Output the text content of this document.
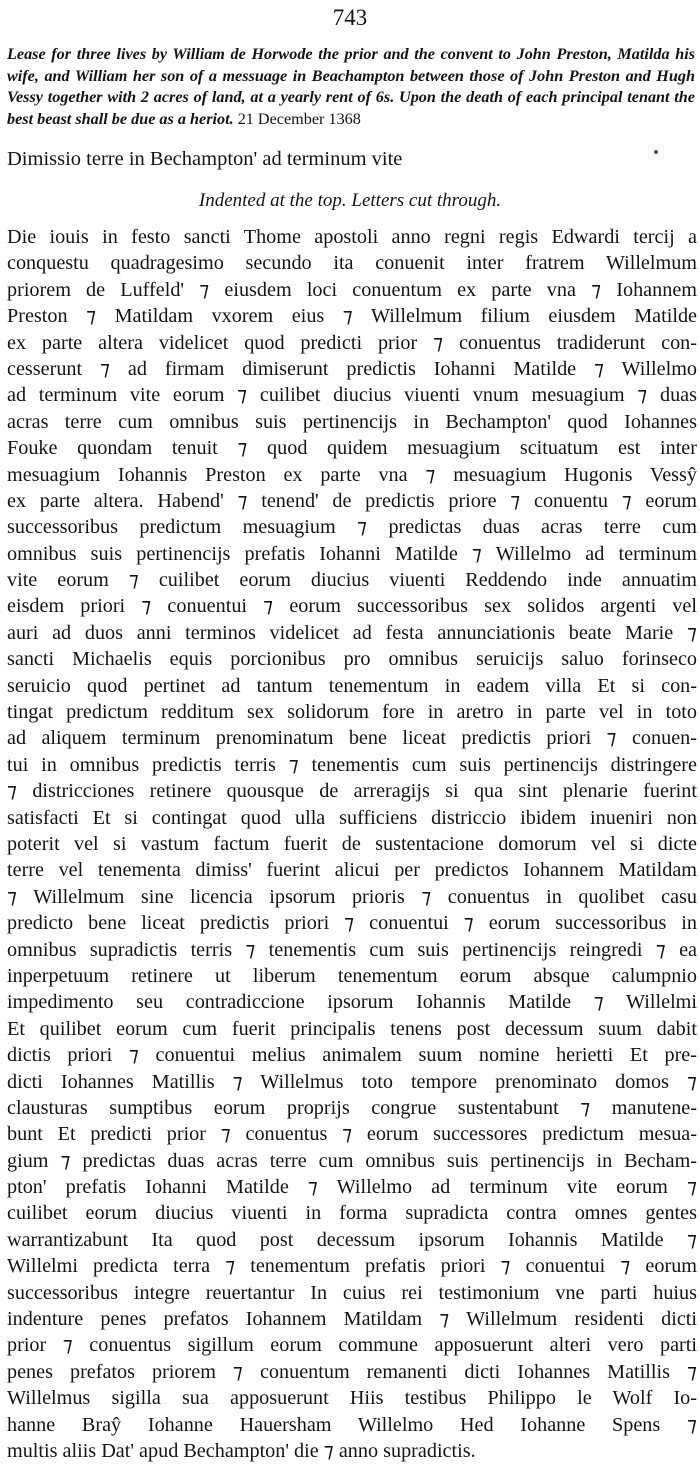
743
Lease for three lives by William de Horwode the prior and the convent to John Preston, Matilda his wife, and William her son of a messuage in Beachampton between those of John Preston and Hugh Vessy together with 2 acres of land, at a yearly rent of 6s. Upon the death of each principal tenant the best beast shall be due as a heriot. 21 December 1368
Dimissio terre in Bechampton' ad terminum vite
Indented at the top. Letters cut through.
Die iouis in festo sancti Thome apostoli anno regni regis Edwardi tercij a
conquestu quadragesimo secundo ita conuenit inter fratrem Willelmum
priorem de Luffeld' ⁊ eiusdem loci conuentum ex parte vna ⁊ Iohannem
Preston ⁊ Matildam vxorem eius ⁊ Willelmum filium eiusdem Matilde
ex parte altera videlicet quod predicti prior ⁊ conuentus tradiderunt con-
cesserunt ⁊ ad firmam dimiserunt predictis Iohanni Matilde ⁊ Willelmo
ad terminum vite eorum ⁊ cuilibet diucius viuenti vnum mesuagium ⁊ duas
acras terre cum omnibus suis pertinencijs in Bechampton' quod Iohannes
Fouke quondam tenuit ⁊ quod quidem mesuagium scituatum est inter
mesuagium Iohannis Preston ex parte vna ⁊ mesuagium Hugonis Vessŷ
ex parte altera. Habend' ⁊ tenend' de predictis priore ⁊ conuentu ⁊ eorum
successoribus predictum mesuagium ⁊ predictas duas acras terre cum
omnibus suis pertinencijs prefatis Iohanni Matilde ⁊ Willelmo ad terminum
vite eorum ⁊ cuilibet eorum diucius viuenti Reddendo inde annuatim
eisdem priori ⁊ conuentui ⁊ eorum successoribus sex solidos argenti vel
auri ad duos anni terminos videlicet ad festa annunciationis beate Marie ⁊
sancti Michaelis equis porcionibus pro omnibus seruicijs saluo forinseco
seruicio quod pertinet ad tantum tenementum in eadem villa Et si con-
tingat predictum redditum sex solidorum fore in aretro in parte vel in toto
ad aliquem terminum prenominatum bene liceat predictis priori ⁊ conuen-
tui in omnibus predictis terris ⁊ tenementis cum suis pertinencijs distringere
⁊ districciones retinere quousque de arreragijs si qua sint plenarie fuerint
satisfacti Et si contingat quod ulla sufficiens districcio ibidem inueniri non
poterit vel si vastum factum fuerit de sustentacione domorum vel si dicte
terre vel tenementa dimiss' fuerint alicui per predictos Iohannem Matildam
⁊ Willelmum sine licencia ipsorum prioris ⁊ conuentus in quolibet casu
predicto bene liceat predictis priori ⁊ conuentui ⁊ eorum successoribus in
omnibus supradictis terris ⁊ tenementis cum suis pertinencijs reingredi ⁊ ea
inperpetuum retinere ut liberum tenementum eorum absque calumpnio
impedimento seu contradiccione ipsorum Iohannis Matilde ⁊ Willelmi
Et quilibet eorum cum fuerit principalis tenens post decessum suum dabit
dictis priori ⁊ conuentui melius animalem suum nomine herietti Et pre-
dicti Iohannes Matillis ⁊ Willelmus toto tempore prenominato domos ⁊
clausturas sumptibus eorum proprijs congrue sustentabunt ⁊ manutene-
bunt Et predicti prior ⁊ conuentus ⁊ eorum successores predictum mesua-
gium ⁊ predictas duas acras terre cum omnibus suis pertinencijs in Becham-
pton' prefatis Iohanni Matilde ⁊ Willelmo ad terminum vite eorum ⁊
cuilibet eorum diucius viuenti in forma supradicta contra omnes gentes
warrantizabunt Ita quod post decessum ipsorum Iohannis Matilde ⁊
Willelmi predicta terra ⁊ tenementum prefatis priori ⁊ conuentui ⁊ eorum
successoribus integre reuertantur In cuius rei testimonium vne parti huius
indenture penes prefatos Iohannem Matildam ⁊ Willelmum residenti dicti
prior ⁊ conuentus sigillum eorum commune apposuerunt alteri vero parti
penes prefatos priorem ⁊ conuentum remanenti dicti Iohannes Matillis ⁊
Willelmus sigilla sua apposuerunt Hiis testibus Philippo le Wolf Io-
hanne Braŷ Iohanne Hauersham Willelmo Hed Iohanne Spens ⁊
multis aliis Dat' apud Bechampton' die ⁊ anno supradictis.
